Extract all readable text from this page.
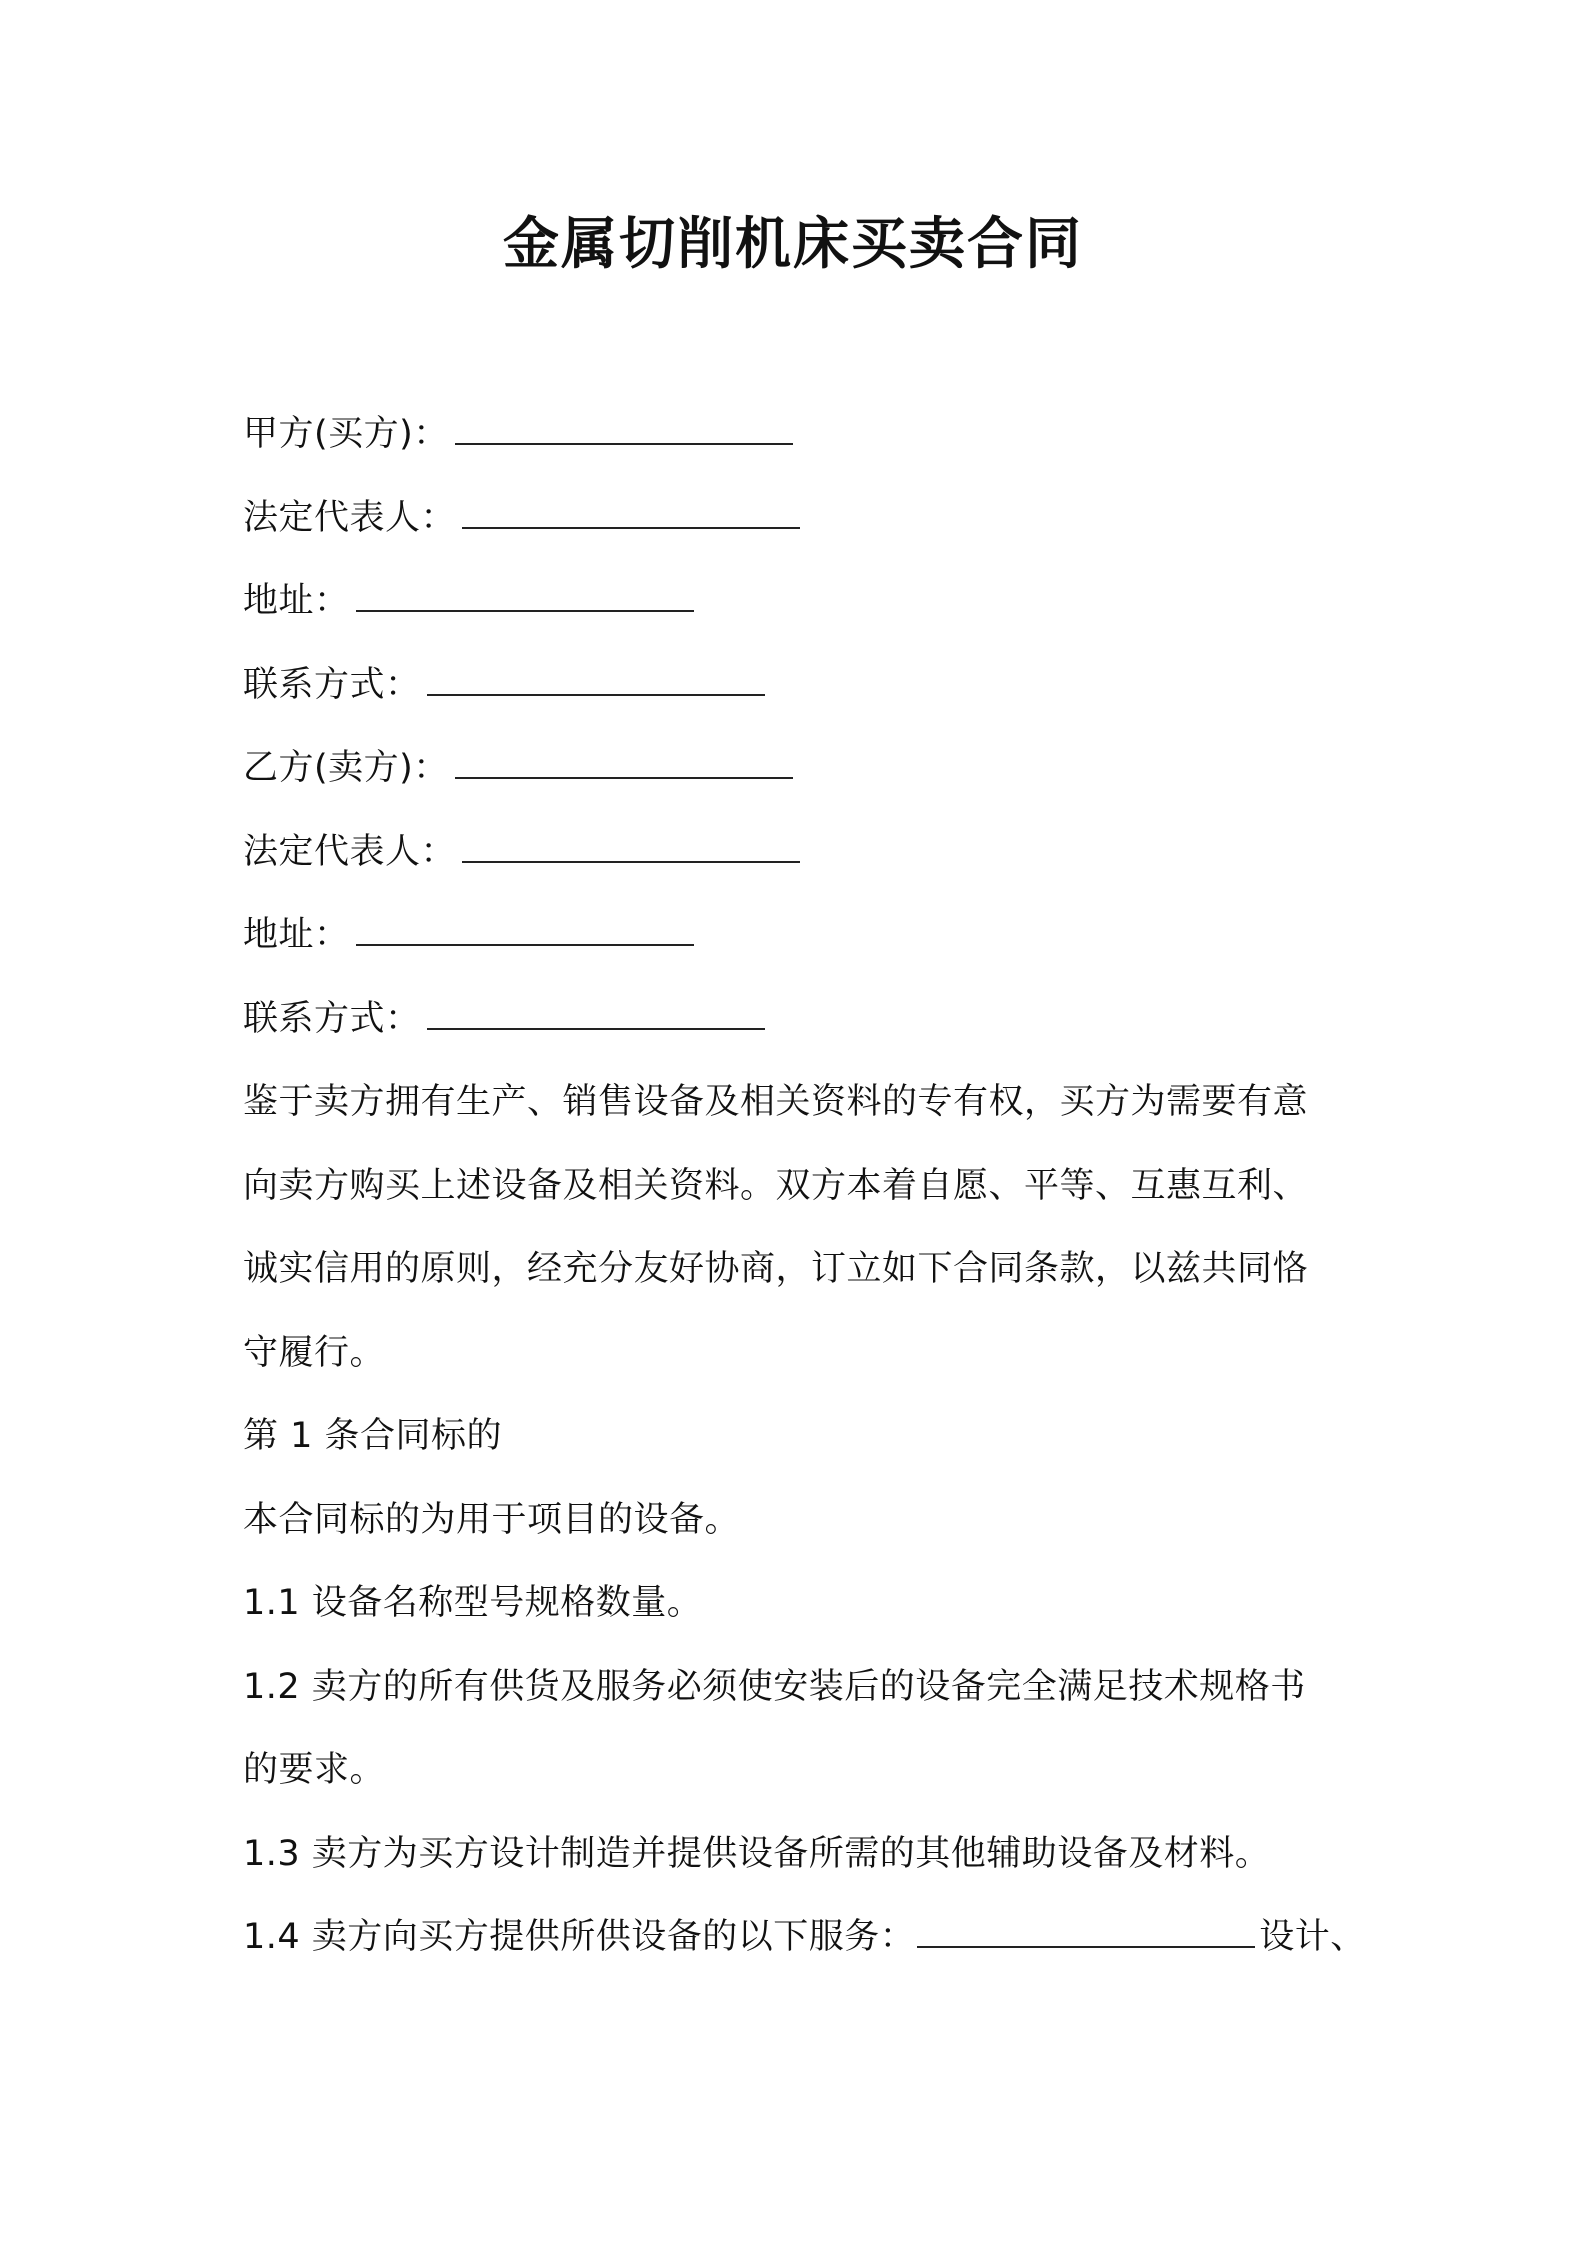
金属切削机床买卖合同
甲方(买方)：
法定代表人：
地址：
联系方式：
乙方(卖方)：
法定代表人：
地址：
联系方式：
鉴于卖方拥有生产、销售设备及相关资料的专有权，买方为需要有意
向卖方购买上述设备及相关资料。双方本着自愿、平等、互惠互利、
诚实信用的原则，经充分友好协商，订立如下合同条款，以兹共同恪
守履行。
第 1 条合同标的
本合同标的为用于项目的设备。
1.1 设备名称型号规格数量。
1.2 卖方的所有供货及服务必须使安装后的设备完全满足技术规格书
的要求。
1.3 卖方为买方设计制造并提供设备所需的其他辅助设备及材料。
1.4 卖方向买方提供所供设备的以下服务：	设计、
